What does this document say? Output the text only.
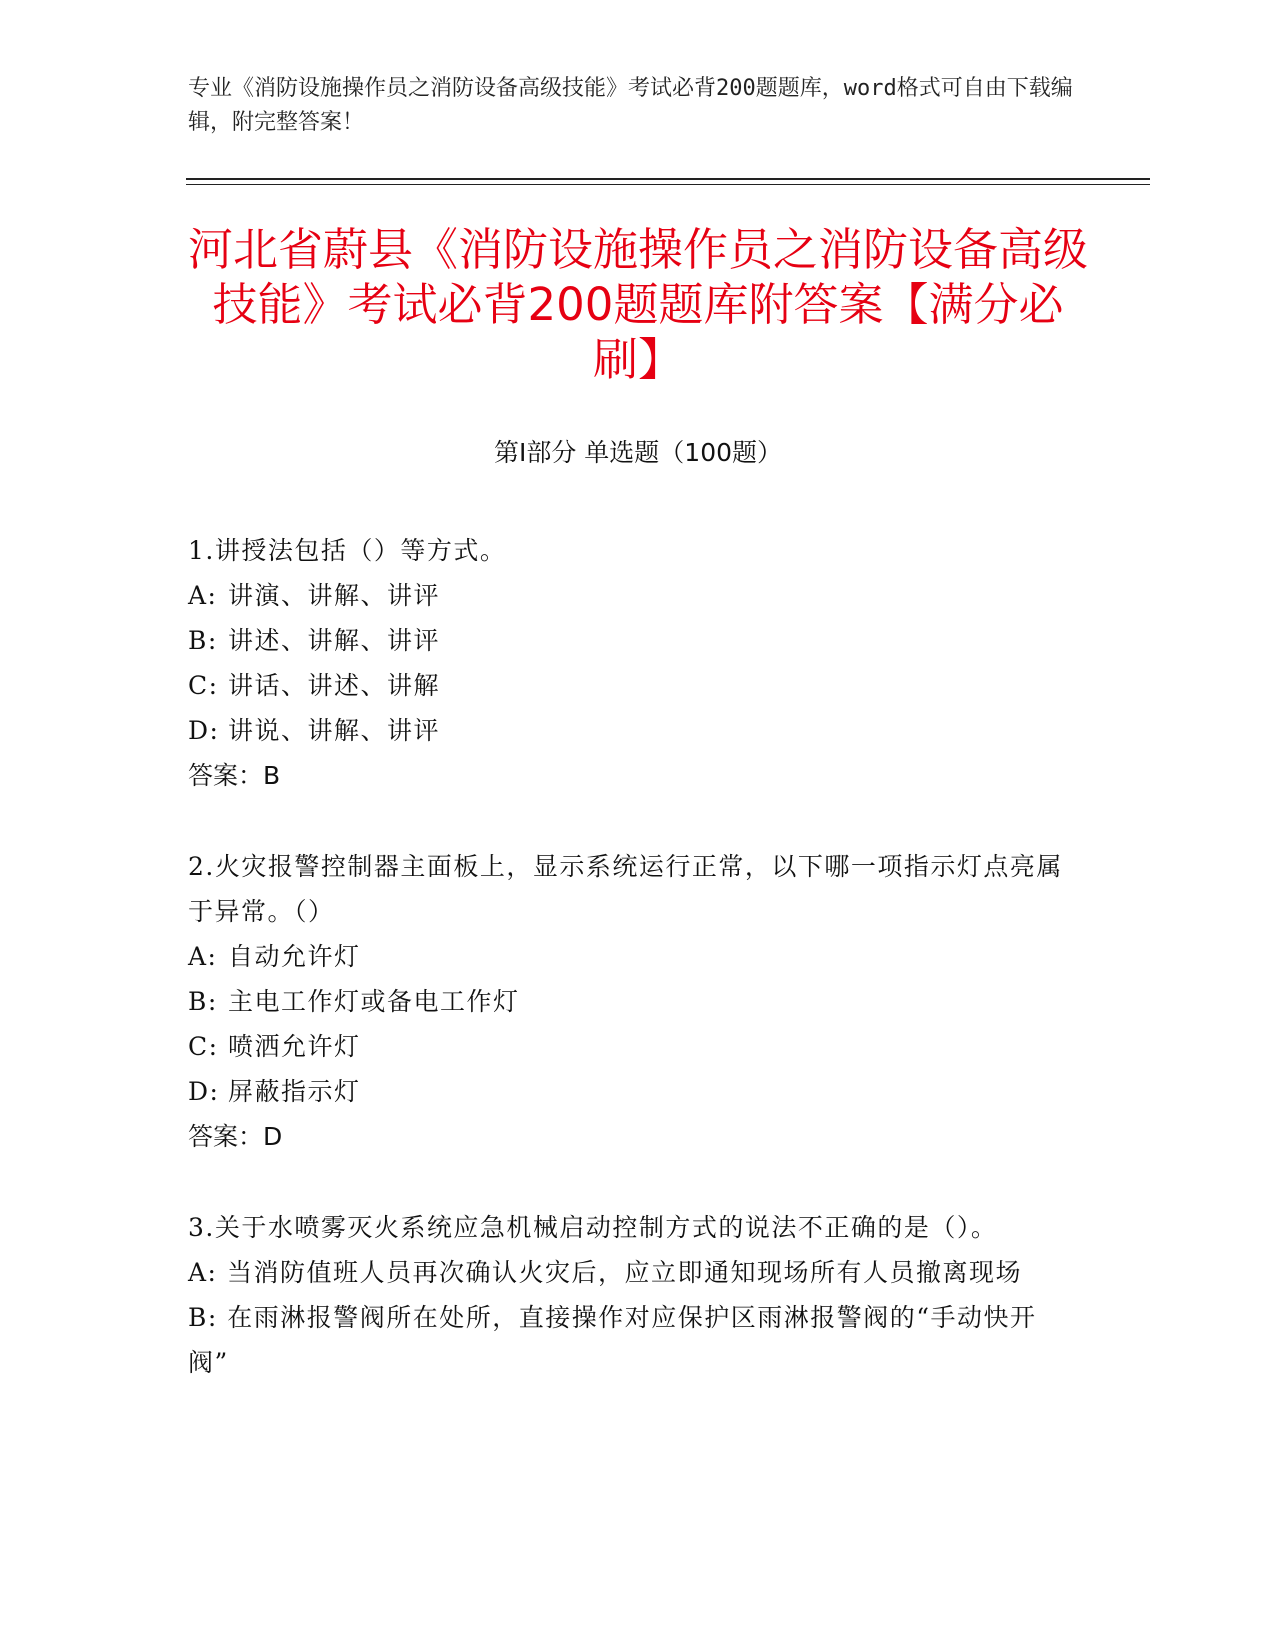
专业《消防设施操作员之消防设备高级技能》考试必背200题题库，word格式可自由下载编辑，附完整答案！
河北省蔚县《消防设施操作员之消防设备高级技能》考试必背200题题库附答案【满分必刷】
第Ⅰ部分 单选题（100题）
1.讲授法包括（）等方式。
A: 讲演、讲解、讲评
B: 讲述、讲解、讲评
C: 讲话、讲述、讲解
D: 讲说、讲解、讲评
答案：B
2.火灾报警控制器主面板上，显示系统运行正常，以下哪一项指示灯点亮属于异常。（）
A: 自动允许灯
B: 主电工作灯或备电工作灯
C: 喷洒允许灯
D: 屏蔽指示灯
答案：D
3.关于水喷雾灭火系统应急机械启动控制方式的说法不正确的是（）。
A: 当消防值班人员再次确认火灾后，应立即通知现场所有人员撤离现场
B: 在雨淋报警阀所在处所，直接操作对应保护区雨淋报警阀的“手动快开阀”
